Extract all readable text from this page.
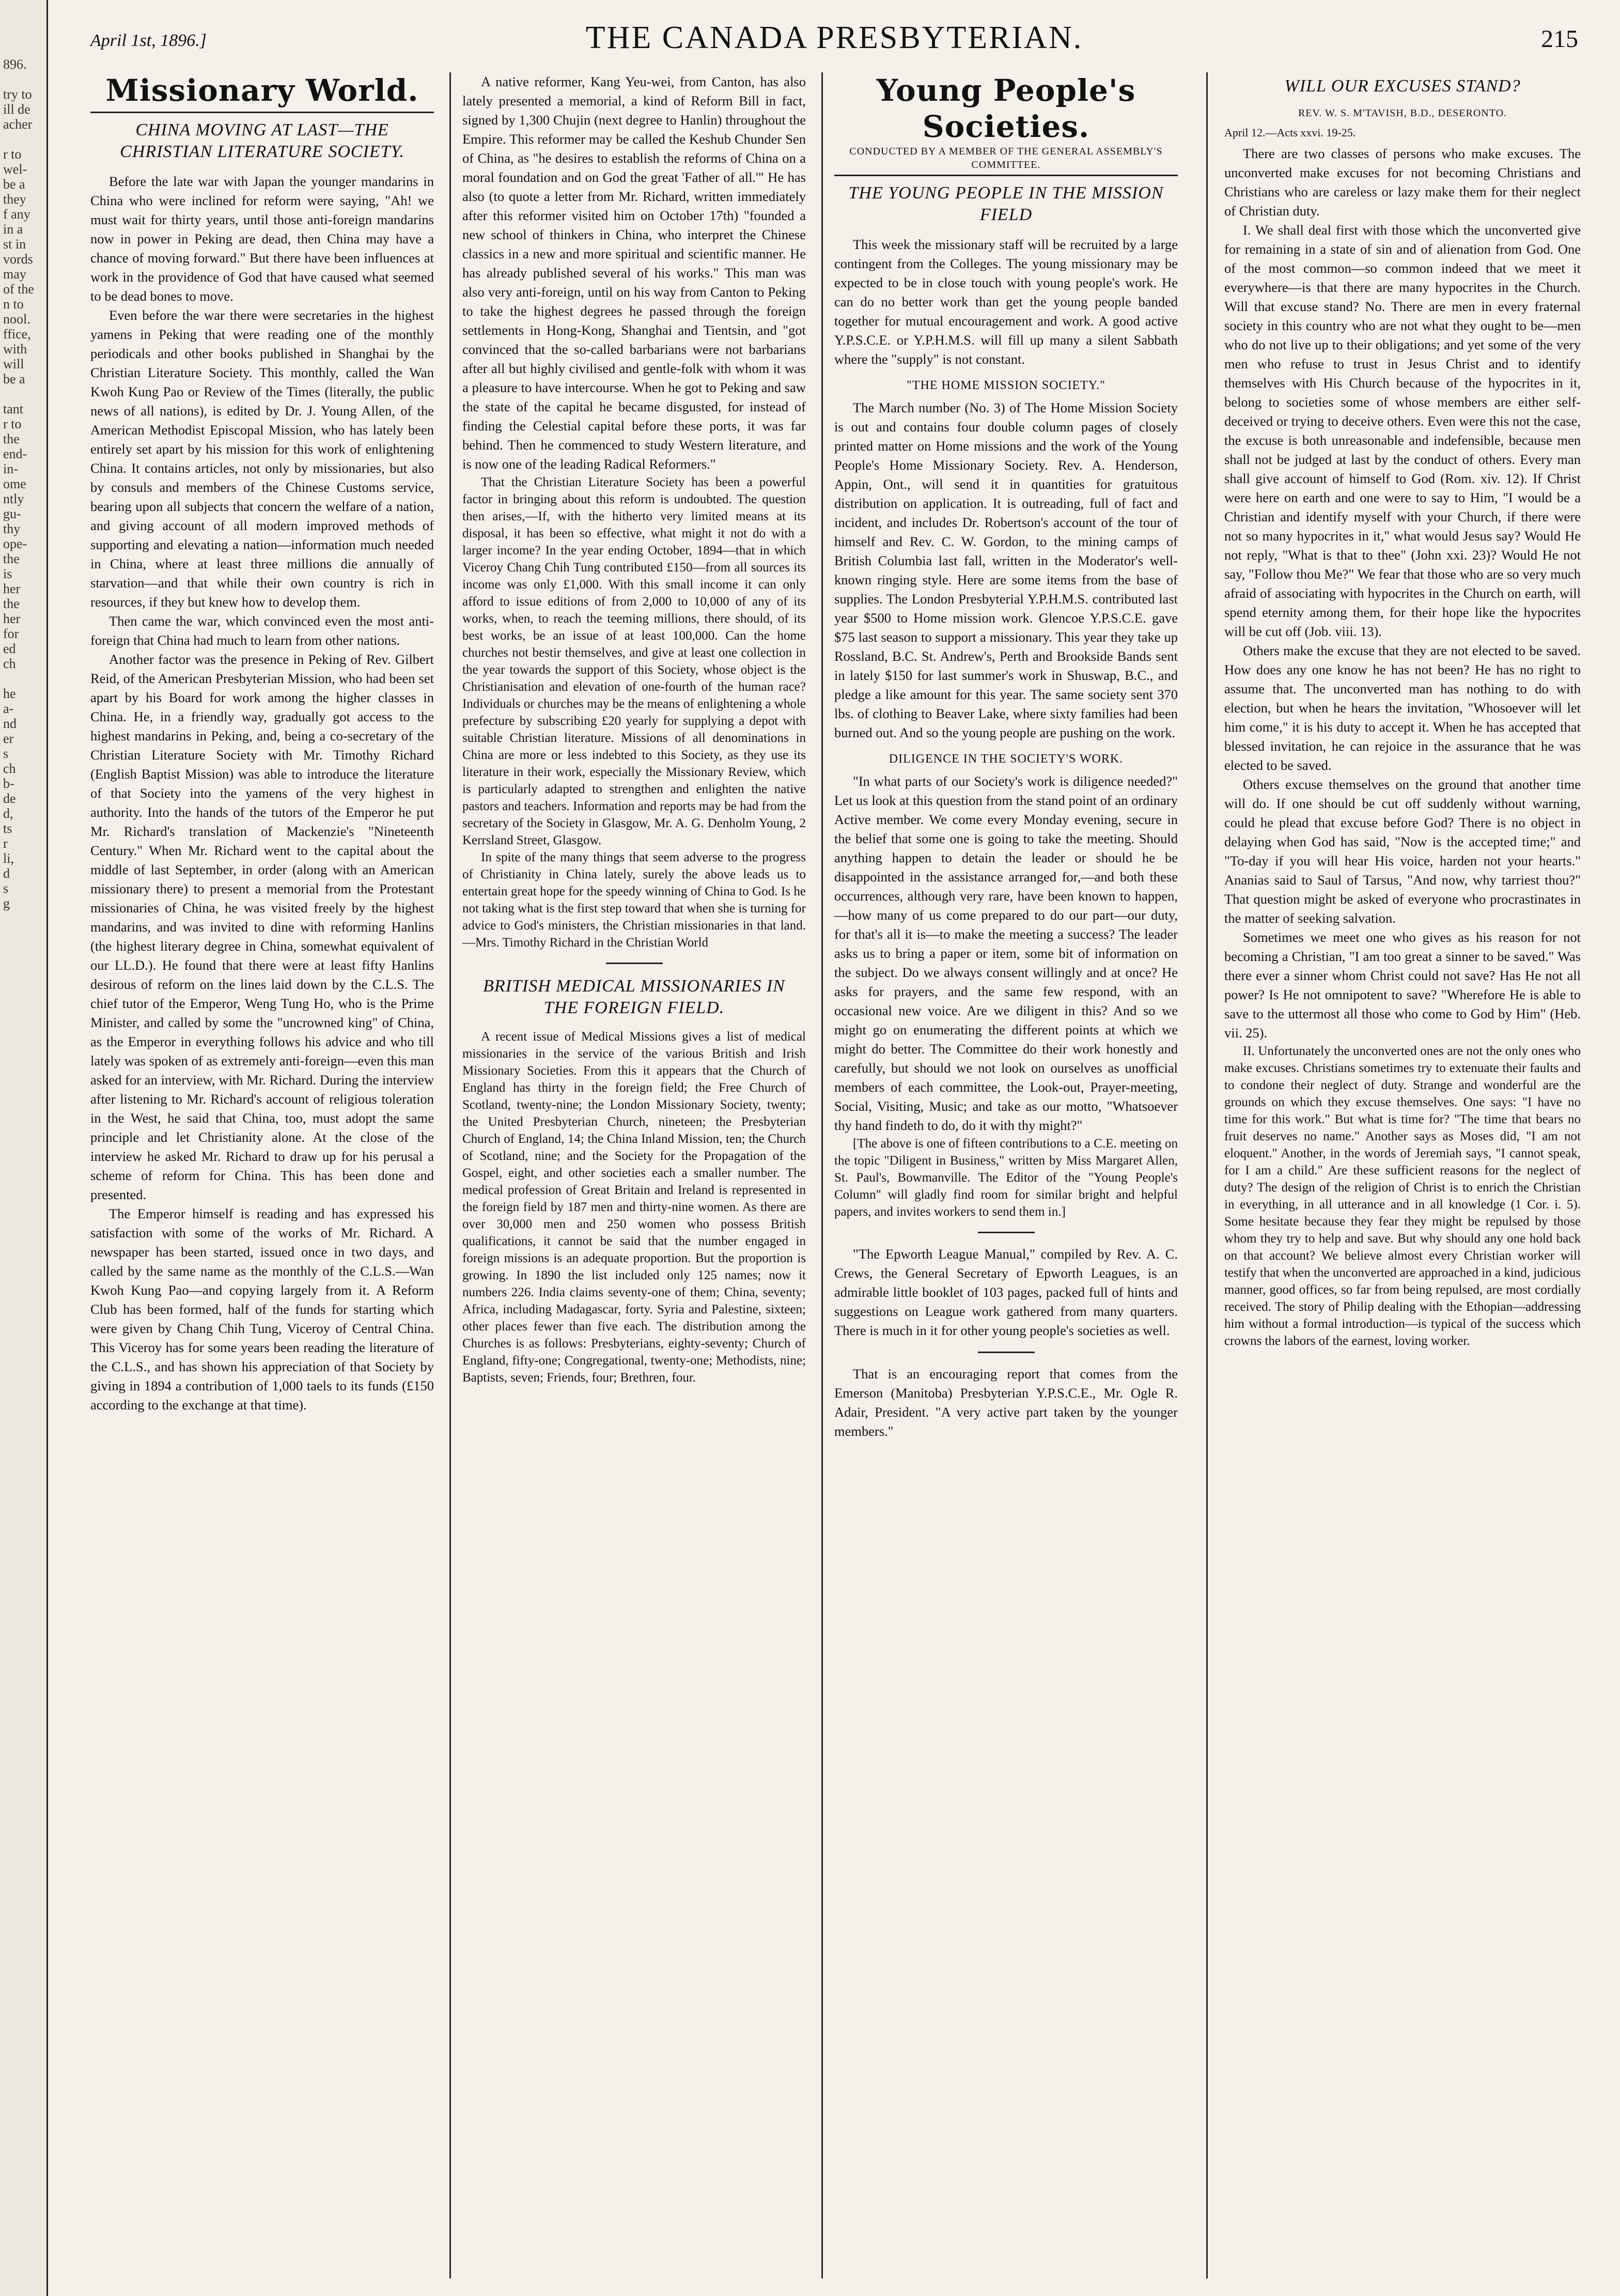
896.

try to
ill de
acher

r to
wel-
be a
they
f any
in a
st in
vords
may
of the
n to
nool.
ffice,
with
will
be a

tant
r to
the
end-
in-
ome
ntly
gu-
thy
ope-
the
is
her
the
her
for
ed
ch

he
a-
nd
er
s
ch
b-
de
d,
ts
r
li,
d
s
g
April 1st, 1896.]	THE CANADA PRESBYTERIAN.	215
Missionary World.
CHINA MOVING AT LAST—THE CHRISTIAN LITERATURE SOCIETY.

Before the late war with Japan the younger mandarins in China who were inclined for reform were saying, "Ah! we must wait for thirty years, until those anti-foreign mandarins now in power in Peking are dead, then China may have a chance of moving forward." But there have been influences at work in the providence of God that have caused what seemed to be dead bones to move.

Even before the war there were secretaries in the highest yamens in Peking that were reading one of the monthly periodicals and other books published in Shanghai by the Christian Literature Society. This monthly, called the Wan Kwoh Kung Pao or Review of the Times (literally, the public news of all nations), is edited by Dr. J. Young Allen, of the American Methodist Episcopal Mission, who has lately been entirely set apart by his mission for this work of enlightening China. It contains articles, not only by missionaries, but also by consuls and members of the Chinese Customs service, bearing upon all subjects that concern the welfare of a nation, and giving account of all modern improved methods of supporting and elevating a nation—information much needed in China, where at least three millions die annually of starvation—and that while their own country is rich in resources, if they but knew how to develop them.

Then came the war, which convinced even the most anti-foreign that China had much to learn from other nations.

Another factor was the presence in Peking of Rev. Gilbert Reid, of the American Presbyterian Mission, who had been set apart by his Board for work among the higher classes in China. He, in a friendly way, gradually got access to the highest mandarins in Peking, and, being a co-secretary of the Christian Literature Society with Mr. Timothy Richard (English Baptist Mission) was able to introduce the literature of that Society into the yamens of the very highest in authority. Into the hands of the tutors of the Emperor he put Mr. Richard's translation of Mackenzie's "Nineteenth Century." When Mr. Richard went to the capital about the middle of last September, in order (along with an American missionary there) to present a memorial from the Protestant missionaries of China, he was visited freely by the highest mandarins, and was invited to dine with reforming Hanlins (the highest literary degree in China, somewhat equivalent of our LL.D.). He found that there were at least fifty Hanlins desirous of reform on the lines laid down by the C.L.S. The chief tutor of the Emperor, Weng Tung Ho, who is the Prime Minister, and called by some the "uncrowned king" of China, as the Emperor in everything follows his advice and who till lately was spoken of as extremely anti-foreign—even this man asked for an interview, with Mr. Richard. During the interview after listening to Mr. Richard's account of religious toleration in the West, he said that China, too, must adopt the same principle and let Christianity alone. At the close of the interview he asked Mr. Richard to draw up for his perusal a scheme of reform for China. This has been done and presented.

The Emperor himself is reading and has expressed his satisfaction with some of the works of Mr. Richard. A newspaper has been started, issued once in two days, and called by the same name as the monthly of the C.L.S.—Wan Kwoh Kung Pao—and copying largely from it. A Reform Club has been formed, half of the funds for starting which were given by Chang Chih Tung, Viceroy of Central China. This Viceroy has for some years been reading the literature of the C.L.S., and has shown his appreciation of that Society by giving in 1894 a contribution of 1,000 taels to its funds (£150 according to the exchange at that time).

A native reformer, Kang Yeu-wei, from Canton, has also lately presented a memorial, a kind of Reform Bill in fact, signed by 1,300 Chujin (next degree to Hanlin) throughout the Empire. This reformer may be called the Keshub Chunder Sen of China, as "he desires to establish the reforms of China on a moral foundation and on God the great 'Father of all.'" He has also (to quote a letter from Mr. Richard, written immediately after this reformer visited him on October 17th) "founded a new school of thinkers in China, who interpret the Chinese classics in a new and more spiritual and scientific manner. He has already published several of his works." This man was also very anti-foreign, until on his way from Canton to Peking to take the highest degrees he passed through the foreign settlements in Hong-Kong, Shanghai and Tientsin, and "got convinced that the so-called barbarians were not barbarians after all but highly civilised and gentle-folk with whom it was a pleasure to have intercourse. When he got to Peking and saw the state of the capital he became disgusted, for instead of finding the Celestial capital before these ports, it was far behind. Then he commenced to study Western literature, and is now one of the leading Radical Reformers."

That the Christian Literature Society has been a powerful factor in bringing about this reform is undoubted. The question then arises,—If, with the hitherto very limited means at its disposal, it has been so effective, what might it not do with a larger income? In the year ending October, 1894—that in which Viceroy Chang Chih Tung contributed £150—from all sources its income was only £1,000. With this small income it can only afford to issue editions of from 2,000 to 10,000 of any of its works, when, to reach the teeming millions, there should, of its best works, be an issue of at least 100,000. Can the home churches not bestir themselves, and give at least one collection in the year towards the support of this Society, whose object is the Christianisation and elevation of one-fourth of the human race? Individuals or churches may be the means of enlightening a whole prefecture by subscribing £20 yearly for supplying a depot with suitable Christian literature. Missions of all denominations in China are more or less indebted to this Society, as they use its literature in their work, especially the Missionary Review, which is particularly adapted to strengthen and enlighten the native pastors and teachers. Information and reports may be had from the secretary of the Society in Glasgow, Mr. A. G. Denholm Young, 2 Kerrsland Street, Glasgow.

In spite of the many things that seem adverse to the progress of Christianity in China lately, surely the above leads us to entertain great hope for the speedy winning of China to God. Is he not taking what is the first step toward that when she is turning for advice to God's ministers, the Christian missionaries in that land.—Mrs. Timothy Richard in the Christian World

BRITISH MEDICAL MISSIONARIES IN THE FOREIGN FIELD.

A recent issue of Medical Missions gives a list of medical missionaries in the service of the various British and Irish Missionary Societies. From this it appears that the Church of England has thirty in the foreign field; the Free Church of Scotland, twenty-nine; the London Missionary Society, twenty; the United Presbyterian Church, nineteen; the Presbyterian Church of England, 14; the China Inland Mission, ten; the Church of Scotland, nine; and the Society for the Propagation of the Gospel, eight, and other societies each a smaller number. The medical profession of Great Britain and Ireland is represented in the foreign field by 187 men and thirty-nine women. As there are over 30,000 men and 250 women who possess British qualifications, it cannot be said that the number engaged in foreign missions is an adequate proportion. But the proportion is growing. In 1890 the list included only 125 names; now it numbers 226. India claims seventy-one of them; China, seventy; Africa, including Madagascar, forty. Syria and Palestine, sixteen; other places fewer than five each. The distribution among the Churches is as follows: Presbyterians, eighty-seventy; Church of England, fifty-one; Congregational, twenty-one; Methodists, nine; Baptists, seven; Friends, four; Brethren, four.

Young People's Societies.
CONDUCTED BY A MEMBER OF THE GENERAL ASSEMBLY'S COMMITTEE.
THE YOUNG PEOPLE IN THE MISSION FIELD

This week the missionary staff will be recruited by a large contingent from the Colleges. The young missionary may be expected to be in close touch with young people's work. He can do no better work than get the young people banded together for mutual encouragement and work. A good active Y.P.S.C.E. or Y.P.H.M.S. will fill up many a silent Sabbath where the "supply" is not constant.

"THE HOME MISSION SOCIETY."

The March number (No. 3) of The Home Mission Society is out and contains four double column pages of closely printed matter on Home missions and the work of the Young People's Home Missionary Society. Rev. A. Henderson, Appin, Ont., will send it in quantities for gratuitous distribution on application. It is outreading, full of fact and incident, and includes Dr. Robertson's account of the tour of himself and Rev. C. W. Gordon, to the mining camps of British Columbia last fall, written in the Moderator's well-known ringing style. Here are some items from the base of supplies. The London Presbyterial Y.P.H.M.S. contributed last year $500 to Home mission work. Glencoe Y.P.S.C.E. gave $75 last season to support a missionary. This year they take up Rossland, B.C. St. Andrew's, Perth and Brookside Bands sent in lately $150 for last summer's work in Shuswap, B.C., and pledge a like amount for this year. The same society sent 370 lbs. of clothing to Beaver Lake, where sixty families had been burned out. And so the young people are pushing on the work.

DILIGENCE IN THE SOCIETY'S WORK.

"In what parts of our Society's work is diligence needed?" Let us look at this question from the stand point of an ordinary Active member. We come every Monday evening, secure in the belief that some one is going to take the meeting. Should anything happen to detain the leader or should he be disappointed in the assistance arranged for,—and both these occurrences, although very rare, have been known to happen,—how many of us come prepared to do our part—our duty, for that's all it is—to make the meeting a success? The leader asks us to bring a paper or item, some bit of information on the subject. Do we always consent willingly and at once? He asks for prayers, and the same few respond, with an occasional new voice. Are we diligent in this? And so we might go on enumerating the different points at which we might do better. The Committee do their work honestly and carefully, but should we not look on ourselves as unofficial members of each committee, the Look-out, Prayer-meeting, Social, Visiting, Music; and take as our motto, "Whatsoever thy hand findeth to do, do it with thy might?"

[The above is one of fifteen contributions to a C.E. meeting on the topic "Diligent in Business," written by Miss Margaret Allen, St. Paul's, Bowmanville. The Editor of the "Young People's Column" will gladly find room for similar bright and helpful papers, and invites workers to send them in.]

"The Epworth League Manual," compiled by Rev. A. C. Crews, the General Secretary of Epworth Leagues, is an admirable little booklet of 103 pages, packed full of hints and suggestions on League work gathered from many quarters. There is much in it for other young people's societies as well.

That is an encouraging report that comes from the Emerson (Manitoba) Presbyterian Y.P.S.C.E., Mr. Ogle R. Adair, President. "A very active part taken by the younger members."

WILL OUR EXCUSES STAND?
REV. W. S. M'TAVISH, B.D., DESERONTO.

April 12.—Acts xxvi. 19-25.

There are two classes of persons who make excuses. The unconverted make excuses for not becoming Christians and Christians who are careless or lazy make them for their neglect of Christian duty.

I. We shall deal first with those which the unconverted give for remaining in a state of sin and of alienation from God. One of the most common—so common indeed that we meet it everywhere—is that there are many hypocrites in the Church. Will that excuse stand? No. There are men in every fraternal society in this country who are not what they ought to be—men who do not live up to their obligations; and yet some of the very men who refuse to trust in Jesus Christ and to identify themselves with His Church because of the hypocrites in it, belong to societies some of whose members are either self-deceived or trying to deceive others. Even were this not the case, the excuse is both unreasonable and indefensible, because men shall not be judged at last by the conduct of others. Every man shall give account of himself to God (Rom. xiv. 12). If Christ were here on earth and one were to say to Him, "I would be a Christian and identify myself with your Church, if there were not so many hypocrites in it," what would Jesus say? Would He not reply, "What is that to thee" (John xxi. 23)? Would He not say, "Follow thou Me?" We fear that those who are so very much afraid of associating with hypocrites in the Church on earth, will spend eternity among them, for their hope like the hypocrites will be cut off (Job. viii. 13).

Others make the excuse that they are not elected to be saved. How does any one know he has not been? He has no right to assume that. The unconverted man has nothing to do with election, but when he hears the invitation, "Whosoever will let him come," it is his duty to accept it. When he has accepted that blessed invitation, he can rejoice in the assurance that he was elected to be saved.

Others excuse themselves on the ground that another time will do. If one should be cut off suddenly without warning, could he plead that excuse before God? There is no object in delaying when God has said, "Now is the accepted time;" and "To-day if you will hear His voice, harden not your hearts." Ananias said to Saul of Tarsus, "And now, why tarriest thou?" That question might be asked of everyone who procrastinates in the matter of seeking salvation.

Sometimes we meet one who gives as his reason for not becoming a Christian, "I am too great a sinner to be saved." Was there ever a sinner whom Christ could not save? Has He not all power? Is He not omnipotent to save? "Wherefore He is able to save to the uttermost all those who come to God by Him" (Heb. vii. 25).

II. Unfortunately the unconverted ones are not the only ones who make excuses. Christians sometimes try to extenuate their faults and to condone their neglect of duty. Strange and wonderful are the grounds on which they excuse themselves. One says: "I have no time for this work." But what is time for? "The time that bears no fruit deserves no name." Another says as Moses did, "I am not eloquent." Another, in the words of Jeremiah says, "I cannot speak, for I am a child." Are these sufficient reasons for the neglect of duty? The design of the religion of Christ is to enrich the Christian in everything, in all utterance and in all knowledge (1 Cor. i. 5). Some hesitate because they fear they might be repulsed by those whom they try to help and save. But why should any one hold back on that account? We believe almost every Christian worker will testify that when the unconverted are approached in a kind, judicious manner, good offices, so far from being repulsed, are most cordially received. The story of Philip dealing with the Ethopian—addressing him without a formal introduction—is typical of the success which crowns the labors of the earnest, loving worker.
